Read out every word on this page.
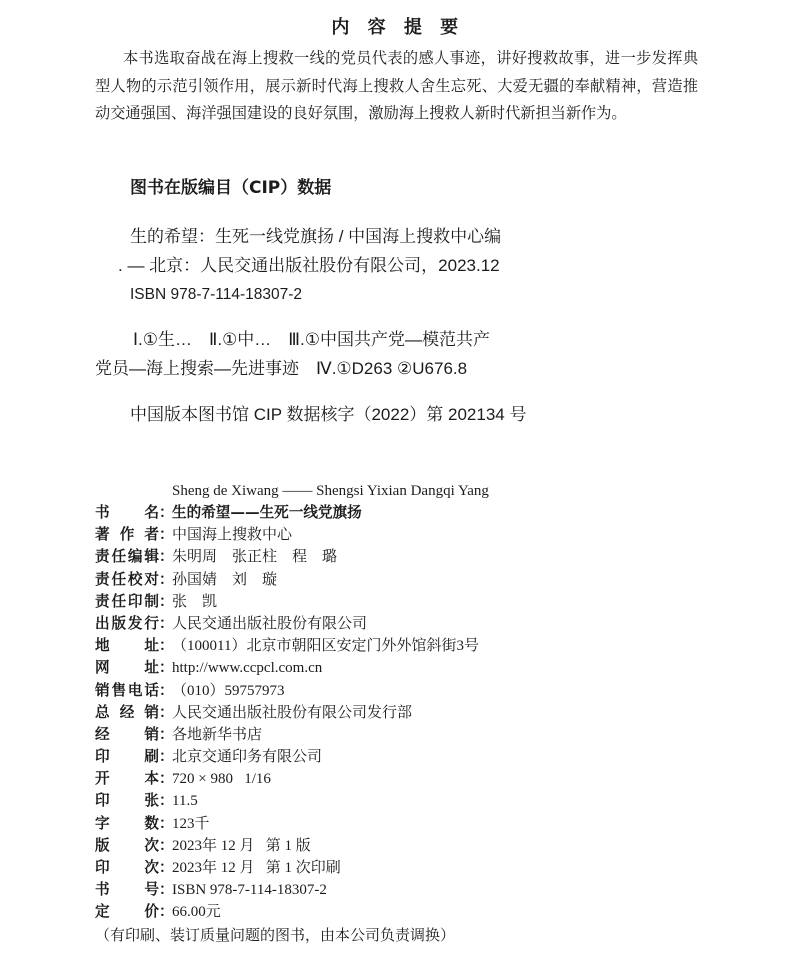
内 容 提 要
本书选取奋战在海上搜救一线的党员代表的感人事迹，讲好搜救故事，进一步发挥典
型人物的示范引领作用，展示新时代海上搜救人舍生忘死、大爱无疆的奉献精神，营造推
动交通强国、海洋强国建设的良好氛围，激励海上搜救人新时代新担当新作为。
图书在版编目（CIP）数据
生的希望：生死一线党旗扬 / 中国海上搜救中心编
. — 北京：人民交通出版社股份有限公司，2023.12
ISBN 978-7-114-18307-2
Ⅰ.①生…　Ⅱ.①中…　Ⅲ.①中国共产党—模范共产
党员—海上搜索—先进事迹　Ⅳ.①D263 ②U676.8
中国版本图书馆 CIP 数据核字（2022）第 202134 号
Sheng de Xiwang —— Shengsi Yixian Dangqi Yang
书 名 ：
生的希望——生死一线党旗扬
著 作 者 ：
中国海上搜救中心
责任编辑 ：
朱明周　张正柱　程　璐
责任校对 ：
孙国婧　刘　璇
责任印制 ：
张　凯
出版发行 ：
人民交通出版社股份有限公司
地 址 ：
（100011）北京市朝阳区安定门外外馆斜街3号
网 址 ：
http://www.ccpcl.com.cn
销售电话 ：
（010）59757973
总 经 销 ：
人民交通出版社股份有限公司发行部
经 销 ：
各地新华书店
印 刷 ：
北京交通印务有限公司
开 本 ：
720 × 980   1/16
印 张 ：
11.5
字 数 ：
123千
版 次 ：
2023年 12 月   第 1 版
印 次 ：
2023年 12 月   第 1 次印刷
书 号 ：
ISBN 978-7-114-18307-2
定 价 ：
66.00元
（有印刷、装订质量问题的图书，由本公司负责调换）
